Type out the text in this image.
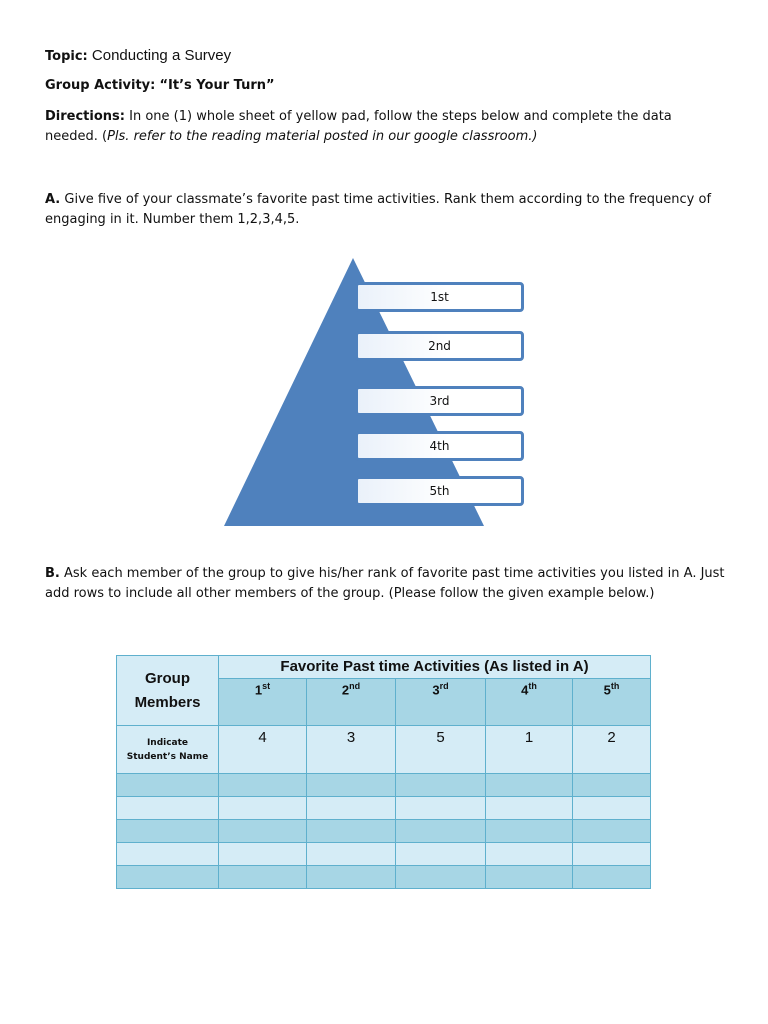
Topic: Conducting a Survey
Group Activity: “It’s Your Turn”
Directions: In one (1) whole sheet of yellow pad, follow the steps below and complete the data needed. (Pls. refer to the reading material posted in our google classroom.)
A. Give five of your classmate’s favorite past time activities. Rank them according to the frequency of engaging in it. Number them 1,2,3,4,5.
1st
2nd
3rd
4th
5th
B. Ask each member of the group to give his/her rank of favorite past time activities you listed in A. Just add rows to include all other members of the group. (Please follow the given example below.)
Group
Members	Favorite Past time Activities (As listed in A)				
	1st	2nd	3rd	4th	5th

Indicate
Student’s Name	4	3	5	1	2
